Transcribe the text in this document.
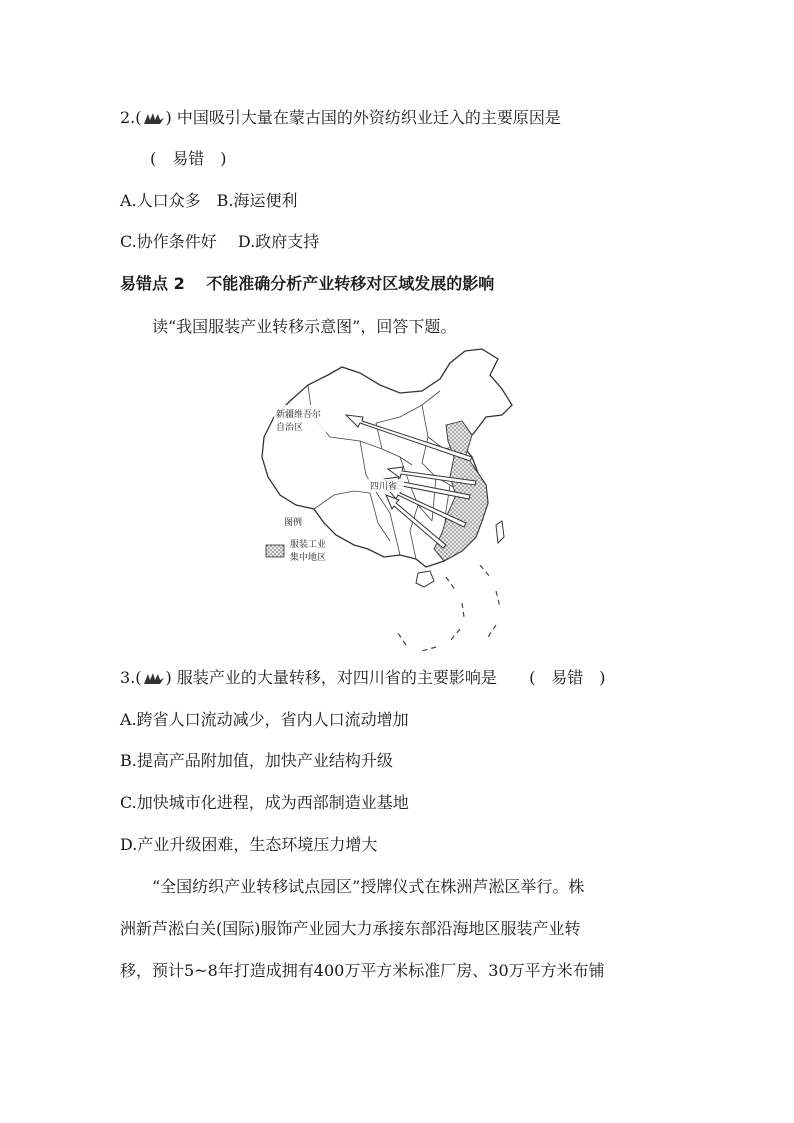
2.( ) 中国吸引大量在蒙古国的外资纺织业迁入的主要原因是
(　易错　)
A.人口众多　B.海运便利
C.协作条件好　 D.政府支持
易错点 2　 不能准确分析产业转移对区域发展的影响
读“我国服装产业转移示意图”，回答下题。
新疆维吾尔
自治区
四川省
图例
服装工业
集中地区
3.( ) 服装产业的大量转移，对四川省的主要影响是 (　易错　)
A.跨省人口流动减少，省内人口流动增加
B.提高产品附加值，加快产业结构升级
C.加快城市化进程，成为西部制造业基地
D.产业升级困难，生态环境压力增大
“全国纺织产业转移试点园区”授牌仪式在株洲芦淞区举行。株
洲新芦淞白关(国际)服饰产业园大力承接东部沿海地区服装产业转
移，预计5~8年打造成拥有400万平方米标准厂房、30万平方米布铺
